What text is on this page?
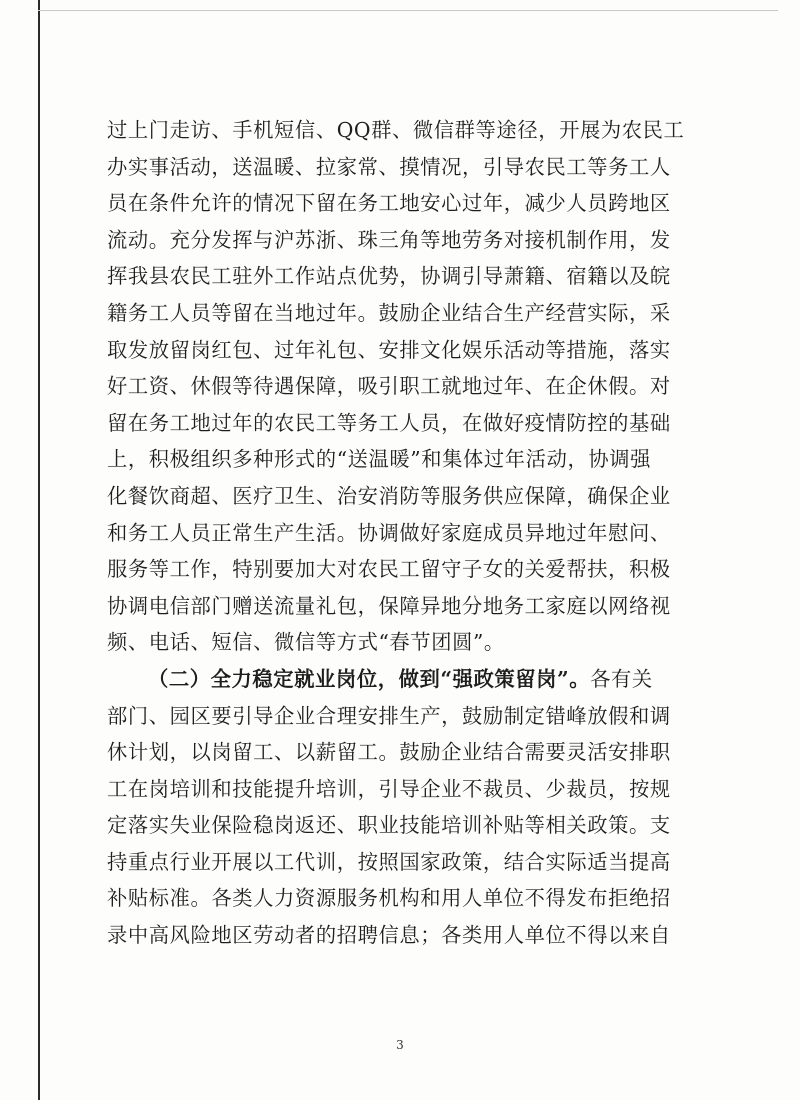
过上门走访、手机短信、QQ群、微信群等途径，开展为农民工
办实事活动，送温暖、拉家常、摸情况，引导农民工等务工人
员在条件允许的情况下留在务工地安心过年，减少人员跨地区
流动。充分发挥与沪苏浙、珠三角等地劳务对接机制作用，发
挥我县农民工驻外工作站点优势，协调引导萧籍、宿籍以及皖
籍务工人员等留在当地过年。鼓励企业结合生产经营实际，采
取发放留岗红包、过年礼包、安排文化娱乐活动等措施，落实
好工资、休假等待遇保障，吸引职工就地过年、在企休假。对
留在务工地过年的农民工等务工人员，在做好疫情防控的基础
上，积极组织多种形式的“送温暖”和集体过年活动，协调强
化餐饮商超、医疗卫生、治安消防等服务供应保障，确保企业
和务工人员正常生产生活。协调做好家庭成员异地过年慰问、
服务等工作，特别要加大对农民工留守子女的关爱帮扶，积极
协调电信部门赠送流量礼包，保障异地分地务工家庭以网络视
频、电话、短信、微信等方式“春节团圆”。
（二）全力稳定就业岗位，做到“强政策留岗”。各有关
部门、园区要引导企业合理安排生产，鼓励制定错峰放假和调
休计划，以岗留工、以薪留工。鼓励企业结合需要灵活安排职
工在岗培训和技能提升培训，引导企业不裁员、少裁员，按规
定落实失业保险稳岗返还、职业技能培训补贴等相关政策。支
持重点行业开展以工代训，按照国家政策，结合实际适当提高
补贴标准。各类人力资源服务机构和用人单位不得发布拒绝招
录中高风险地区劳动者的招聘信息；各类用人单位不得以来自
3
